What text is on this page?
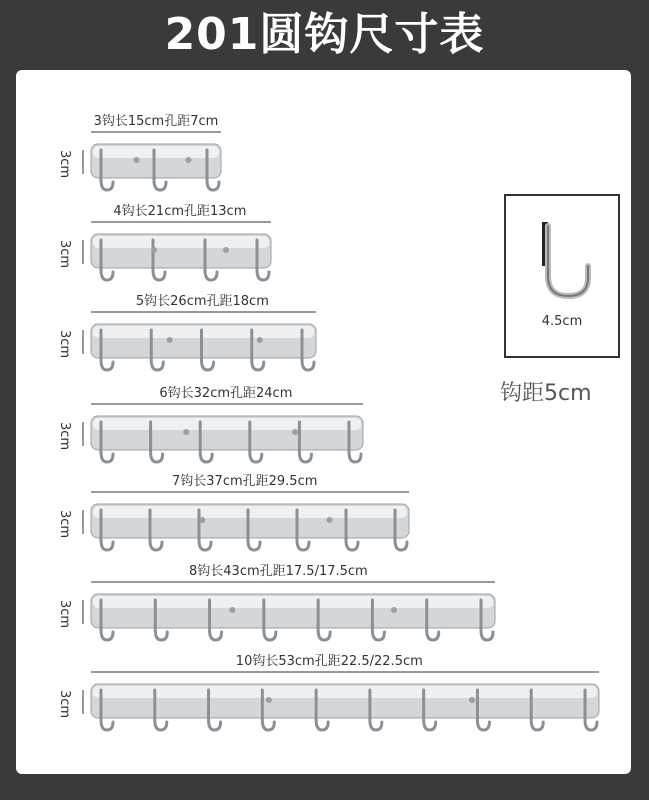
201圆钩尺寸表
3钩长15cm孔距7cm
3cm
4钩长21cm孔距13cm
3cm
5钩长26cm孔距18cm
3cm
6钩长32cm孔距24cm
3cm
7钩长37cm孔距29.5cm
3cm
8钩长43cm孔距17.5/17.5cm
3cm
10钩长53cm孔距22.5/22.5cm
3cm
4.5cm
钩距5cm
